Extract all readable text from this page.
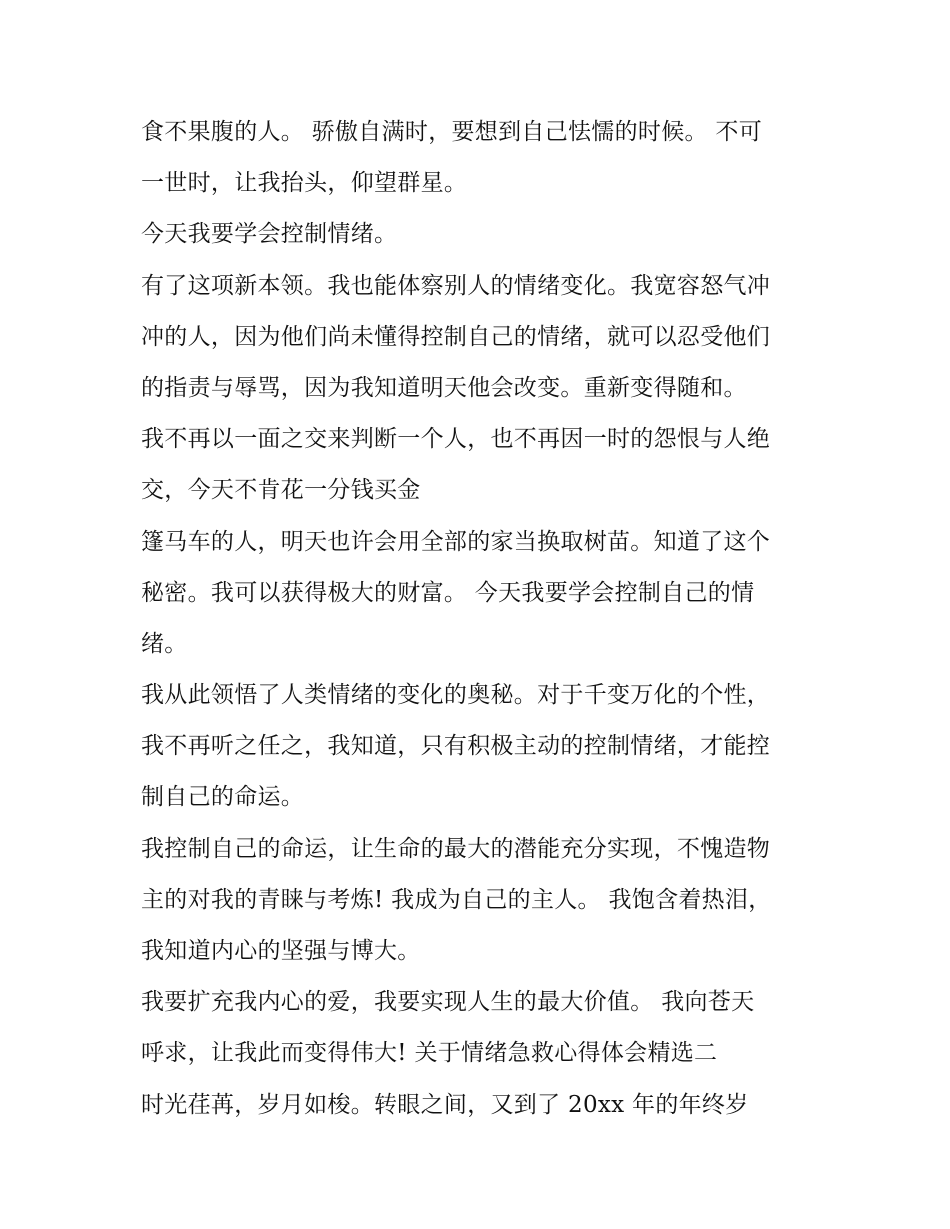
食不果腹的人。 骄傲自满时，要想到自己怯懦的时候。 不可
一世时，让我抬头，仰望群星。
今天我要学会控制情绪。
有了这项新本领。我也能体察别人的情绪变化。我宽容怒气冲
冲的人，因为他们尚未懂得控制自己的情绪，就可以忍受他们
的指责与辱骂，因为我知道明天他会改变。重新变得随和。
我不再以一面之交来判断一个人，也不再因一时的怨恨与人绝
交，今天不肯花一分钱买金
篷马车的人，明天也许会用全部的家当换取树苗。知道了这个
秘密。我可以获得极大的财富。 今天我要学会控制自己的情
绪。
我从此领悟了人类情绪的变化的奥秘。对于千变万化的个性，
我不再听之任之，我知道，只有积极主动的控制情绪，才能控
制自己的命运。
我控制自己的命运，让生命的最大的潜能充分实现，不愧造物
主的对我的青睐与考炼! 我成为自己的主人。 我饱含着热泪，
我知道内心的坚强与博大。
我要扩充我内心的爱，我要实现人生的最大价值。 我向苍天
呼求，让我此而变得伟大! 关于情绪急救心得体会精选二
时光荏苒，岁月如梭。转眼之间，又到了 20xx 年的年终岁
